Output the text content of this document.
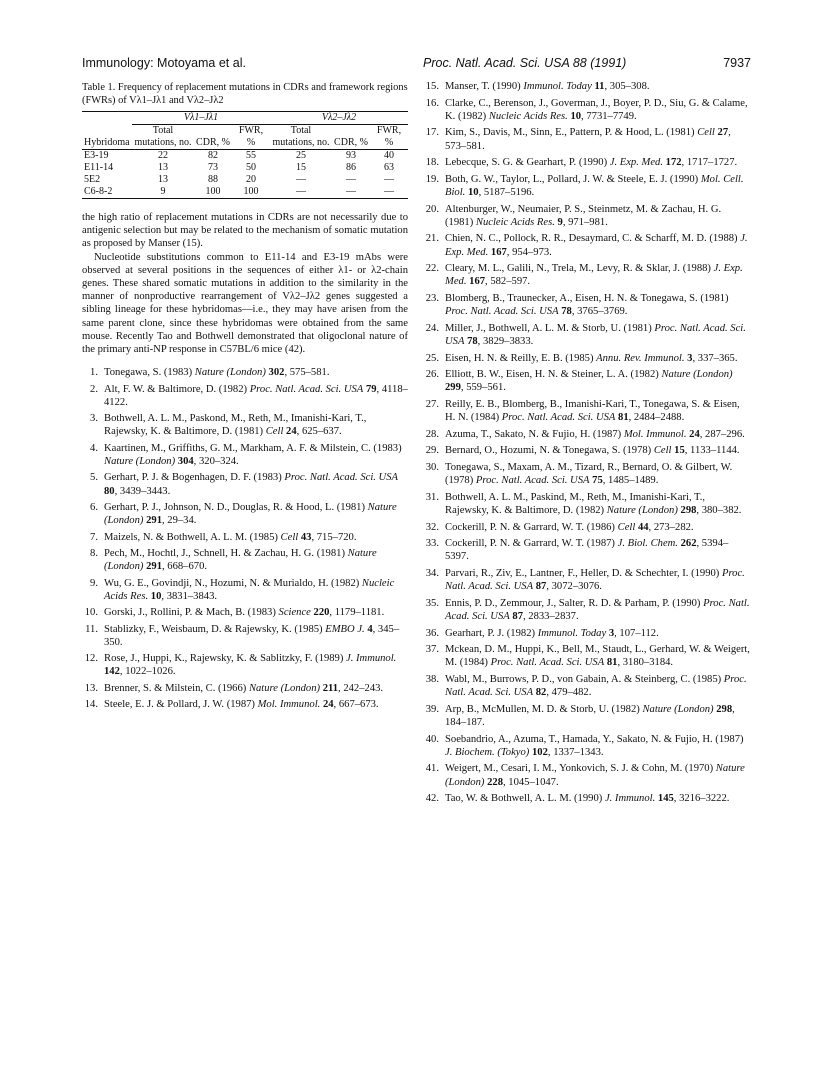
Immunology: Motoyama et al.	Proc. Natl. Acad. Sci. USA 88 (1991)	7937
Table 1. Frequency of replacement mutations in CDRs and framework regions (FWRs) of Vλ1–Jλ1 and Vλ2–Jλ2
	Vλ1–Jλ1			Vλ2–Jλ2		
Hybridoma	Total mutations, no.	CDR, %	FWR, %	Total mutations, no.	CDR, %	FWR, %
E3-19	22	82	55	25	93	40
E11-14	13	73	50	15	86	63
5E2	13	88	20	—	—	—
C6-8-2	9	100	100	—	—	—

the high ratio of replacement mutations in CDRs are not necessarily due to antigenic selection but may be related to the mechanism of somatic mutation as proposed by Manser (15).

Nucleotide substitutions common to E11-14 and E3-19 mAbs were observed at several positions in the sequences of either λ1- or λ2-chain genes. These shared somatic mutations in addition to the similarity in the manner of nonproductive rearrangement of Vλ2–Jλ2 genes suggested a sibling lineage for these hybridomas—i.e., they may have arisen from the same parent clone, since these hybridomas were obtained from the same mouse. Recently Tao and Bothwell demonstrated that oligoclonal nature of the primary anti-NP response in C57BL/6 mice (42).

1. Tonegawa, S. (1983) Nature (London) 302, 575–581.
2. Alt, F. W. & Baltimore, D. (1982) Proc. Natl. Acad. Sci. USA 79, 4118–4122.
3. Bothwell, A. L. M., Paskond, M., Reth, M., Imanishi-Kari, T., Rajewsky, K. & Baltimore, D. (1981) Cell 24, 625–637.
4. Kaartinen, M., Griffiths, G. M., Markham, A. F. & Milstein, C. (1983) Nature (London) 304, 320–324.
5. Gerhart, P. J. & Bogenhagen, D. F. (1983) Proc. Natl. Acad. Sci. USA 80, 3439–3443.
6. Gerhart, P. J., Johnson, N. D., Douglas, R. & Hood, L. (1981) Nature (London) 291, 29–34.
7. Maizels, N. & Bothwell, A. L. M. (1985) Cell 43, 715–720.
8. Pech, M., Hochtl, J., Schnell, H. & Zachau, H. G. (1981) Nature (London) 291, 668–670.
9. Wu, G. E., Govindji, N., Hozumi, N. & Murialdo, H. (1982) Nucleic Acids Res. 10, 3831–3843.
10. Gorski, J., Rollini, P. & Mach, B. (1983) Science 220, 1179–1181.
11. Stablizky, F., Weisbaum, D. & Rajewsky, K. (1985) EMBO J. 4, 345–350.
12. Rose, J., Huppi, K., Rajewsky, K. & Sablitzky, F. (1989) J. Immunol. 142, 1022–1026.
13. Brenner, S. & Milstein, C. (1966) Nature (London) 211, 242–243.
14. Steele, E. J. & Pollard, J. W. (1987) Mol. Immunol. 24, 667–673.
15. Manser, T. (1990) Immunol. Today 11, 305–308.
16. Clarke, C., Berenson, J., Goverman, J., Boyer, P. D., Siu, G. & Calame, K. (1982) Nucleic Acids Res. 10, 7731–7749.
17. Kim, S., Davis, M., Sinn, E., Pattern, P. & Hood, L. (1981) Cell 27, 573–581.
18. Lebecque, S. G. & Gearhart, P. (1990) J. Exp. Med. 172, 1717–1727.
19. Both, G. W., Taylor, L., Pollard, J. W. & Steele, E. J. (1990) Mol. Cell. Biol. 10, 5187–5196.
20. Altenburger, W., Neumaier, P. S., Steinmetz, M. & Zachau, H. G. (1981) Nucleic Acids Res. 9, 971–981.
21. Chien, N. C., Pollock, R. R., Desaymard, C. & Scharff, M. D. (1988) J. Exp. Med. 167, 954–973.
22. Cleary, M. L., Galili, N., Trela, M., Levy, R. & Sklar, J. (1988) J. Exp. Med. 167, 582–597.
23. Blomberg, B., Traunecker, A., Eisen, H. N. & Tonegawa, S. (1981) Proc. Natl. Acad. Sci. USA 78, 3765–3769.
24. Miller, J., Bothwell, A. L. M. & Storb, U. (1981) Proc. Natl. Acad. Sci. USA 78, 3829–3833.
25. Eisen, H. N. & Reilly, E. B. (1985) Annu. Rev. Immunol. 3, 337–365.
26. Elliott, B. W., Eisen, H. N. & Steiner, L. A. (1982) Nature (London) 299, 559–561.
27. Reilly, E. B., Blomberg, B., Imanishi-Kari, T., Tonegawa, S. & Eisen, H. N. (1984) Proc. Natl. Acad. Sci. USA 81, 2484–2488.
28. Azuma, T., Sakato, N. & Fujio, H. (1987) Mol. Immunol. 24, 287–296.
29. Bernard, O., Hozumi, N. & Tonegawa, S. (1978) Cell 15, 1133–1144.
30. Tonegawa, S., Maxam, A. M., Tizard, R., Bernard, O. & Gilbert, W. (1978) Proc. Natl. Acad. Sci. USA 75, 1485–1489.
31. Bothwell, A. L. M., Paskind, M., Reth, M., Imanishi-Kari, T., Rajewsky, K. & Baltimore, D. (1982) Nature (London) 298, 380–382.
32. Cockerill, P. N. & Garrard, W. T. (1986) Cell 44, 273–282.
33. Cockerill, P. N. & Garrard, W. T. (1987) J. Biol. Chem. 262, 5394–5397.
34. Parvari, R., Ziv, E., Lantner, F., Heller, D. & Schechter, I. (1990) Proc. Natl. Acad. Sci. USA 87, 3072–3076.
35. Ennis, P. D., Zemmour, J., Salter, R. D. & Parham, P. (1990) Proc. Natl. Acad. Sci. USA 87, 2833–2837.
36. Gearhart, P. J. (1982) Immunol. Today 3, 107–112.
37. Mckean, D. M., Huppi, K., Bell, M., Staudt, L., Gerhard, W. & Weigert, M. (1984) Proc. Natl. Acad. Sci. USA 81, 3180–3184.
38. Wabl, M., Burrows, P. D., von Gabain, A. & Steinberg, C. (1985) Proc. Natl. Acad. Sci. USA 82, 479–482.
39. Arp, B., McMullen, M. D. & Storb, U. (1982) Nature (London) 298, 184–187.
40. Soebandrio, A., Azuma, T., Hamada, Y., Sakato, N. & Fujio, H. (1987) J. Biochem. (Tokyo) 102, 1337–1343.
41. Weigert, M., Cesari, I. M., Yonkovich, S. J. & Cohn, M. (1970) Nature (London) 228, 1045–1047.
42. Tao, W. & Bothwell, A. L. M. (1990) J. Immunol. 145, 3216–3222.
